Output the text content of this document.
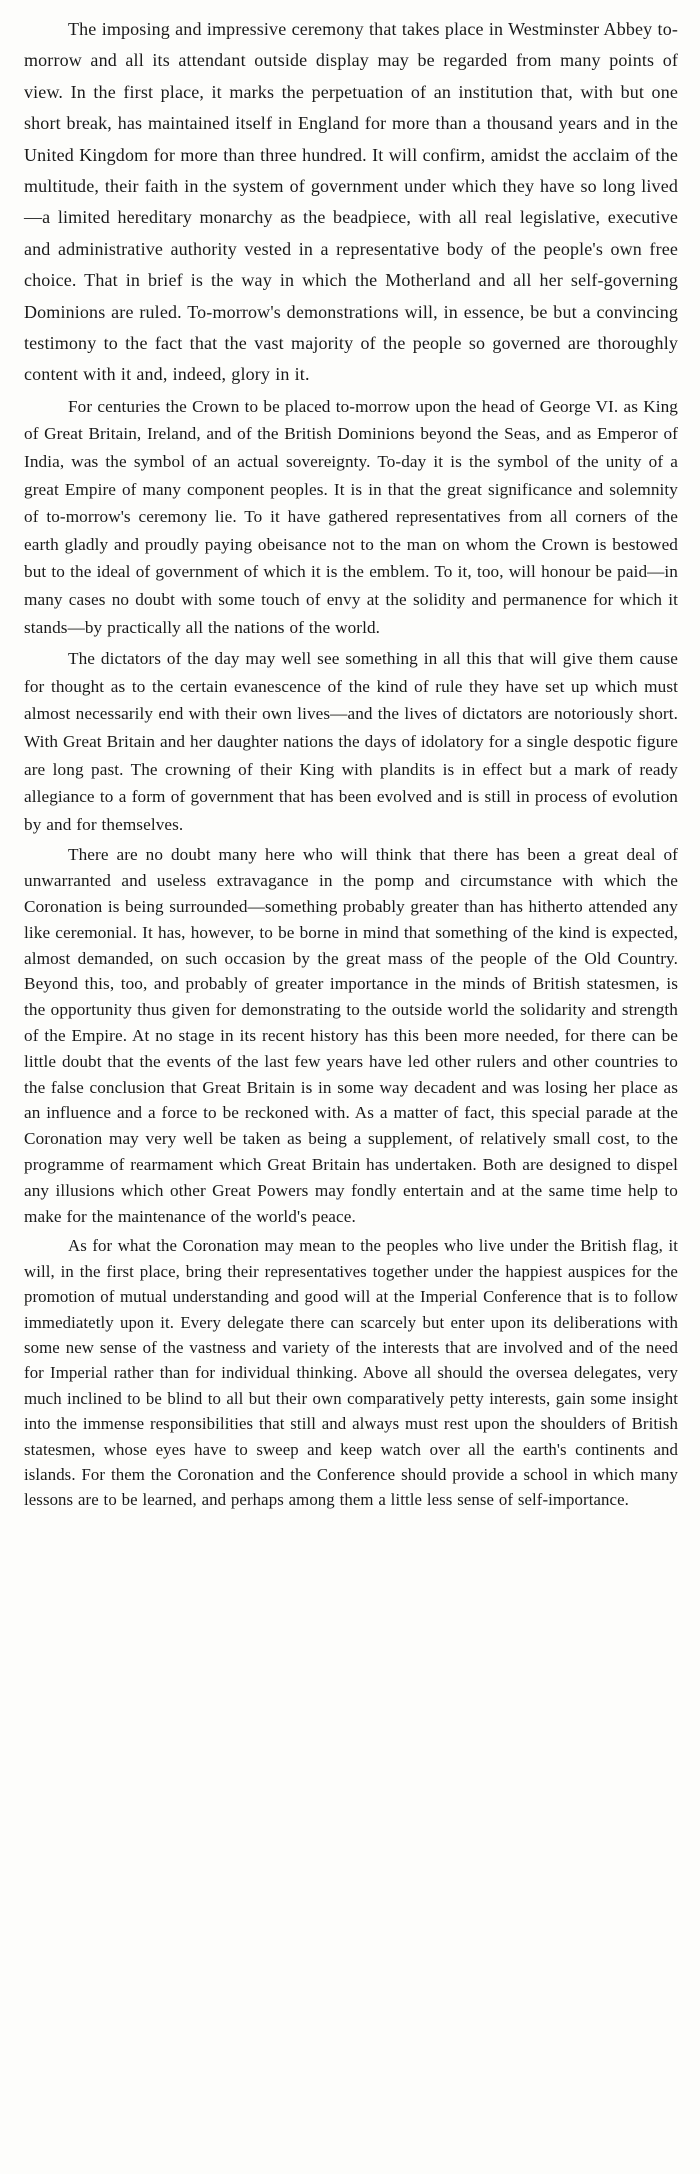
The imposing and impressive ceremony that takes place in Westminster Abbey to-morrow and all its attendant outside display may be regarded from many points of view. In the first place, it marks the perpetuation of an institution that, with but one short break, has maintained itself in England for more than a thousand years and in the United Kingdom for more than three hundred. It will confirm, amidst the acclaim of the multitude, their faith in the system of government under which they have so long lived—a limited hereditary monarchy as the beadpiece, with all real legislative, executive and administrative authority vested in a representative body of the people's own free choice. That in brief is the way in which the Motherland and all her self-governing Dominions are ruled. To-morrow's demonstrations will, in essence, be but a convincing testimony to the fact that the vast majority of the people so governed are thoroughly content with it and, indeed, glory in it.

For centuries the Crown to be placed to-morrow upon the head of George VI. as King of Great Britain, Ireland, and of the British Dominions beyond the Seas, and as Emperor of India, was the symbol of an actual sovereignty. To-day it is the symbol of the unity of a great Empire of many component peoples. It is in that the great significance and solemnity of to-morrow's ceremony lie. To it have gathered representatives from all corners of the earth gladly and proudly paying obeisance not to the man on whom the Crown is bestowed but to the ideal of government of which it is the emblem. To it, too, will honour be paid—in many cases no doubt with some touch of envy at the solidity and permanence for which it stands—by practically all the nations of the world.

The dictators of the day may well see something in all this that will give them cause for thought as to the certain evanescence of the kind of rule they have set up which must almost necessarily end with their own lives—and the lives of dictators are notoriously short. With Great Britain and her daughter nations the days of idolatory for a single despotic figure are long past. The crowning of their King with plandits is in effect but a mark of ready allegiance to a form of government that has been evolved and is still in process of evolution by and for themselves.

There are no doubt many here who will think that there has been a great deal of unwarranted and useless extravagance in the pomp and circumstance with which the Coronation is being surrounded—something probably greater than has hitherto attended any like ceremonial. It has, however, to be borne in mind that something of the kind is expected, almost demanded, on such occasion by the great mass of the people of the Old Country. Beyond this, too, and probably of greater importance in the minds of British statesmen, is the opportunity thus given for demonstrating to the outside world the solidarity and strength of the Empire. At no stage in its recent history has this been more needed, for there can be little doubt that the events of the last few years have led other rulers and other countries to the false conclusion that Great Britain is in some way decadent and was losing her place as an influence and a force to be reckoned with. As a matter of fact, this special parade at the Coronation may very well be taken as being a supplement, of relatively small cost, to the programme of rearmament which Great Britain has undertaken. Both are designed to dispel any illusions which other Great Powers may fondly entertain and at the same time help to make for the maintenance of the world's peace.

As for what the Coronation may mean to the peoples who live under the British flag, it will, in the first place, bring their representatives together under the happiest auspices for the promotion of mutual understanding and good will at the Imperial Conference that is to follow immediatetly upon it. Every delegate there can scarcely but enter upon its deliberations with some new sense of the vastness and variety of the interests that are involved and of the need for Imperial rather than for individual thinking. Above all should the oversea delegates, very much inclined to be blind to all but their own comparatively petty interests, gain some insight into the immense responsibilities that still and always must rest upon the shoulders of British statesmen, whose eyes have to sweep and keep watch over all the earth's continents and islands. For them the Coronation and the Conference should provide a school in which many lessons are to be learned, and perhaps among them a little less sense of self-importance.
